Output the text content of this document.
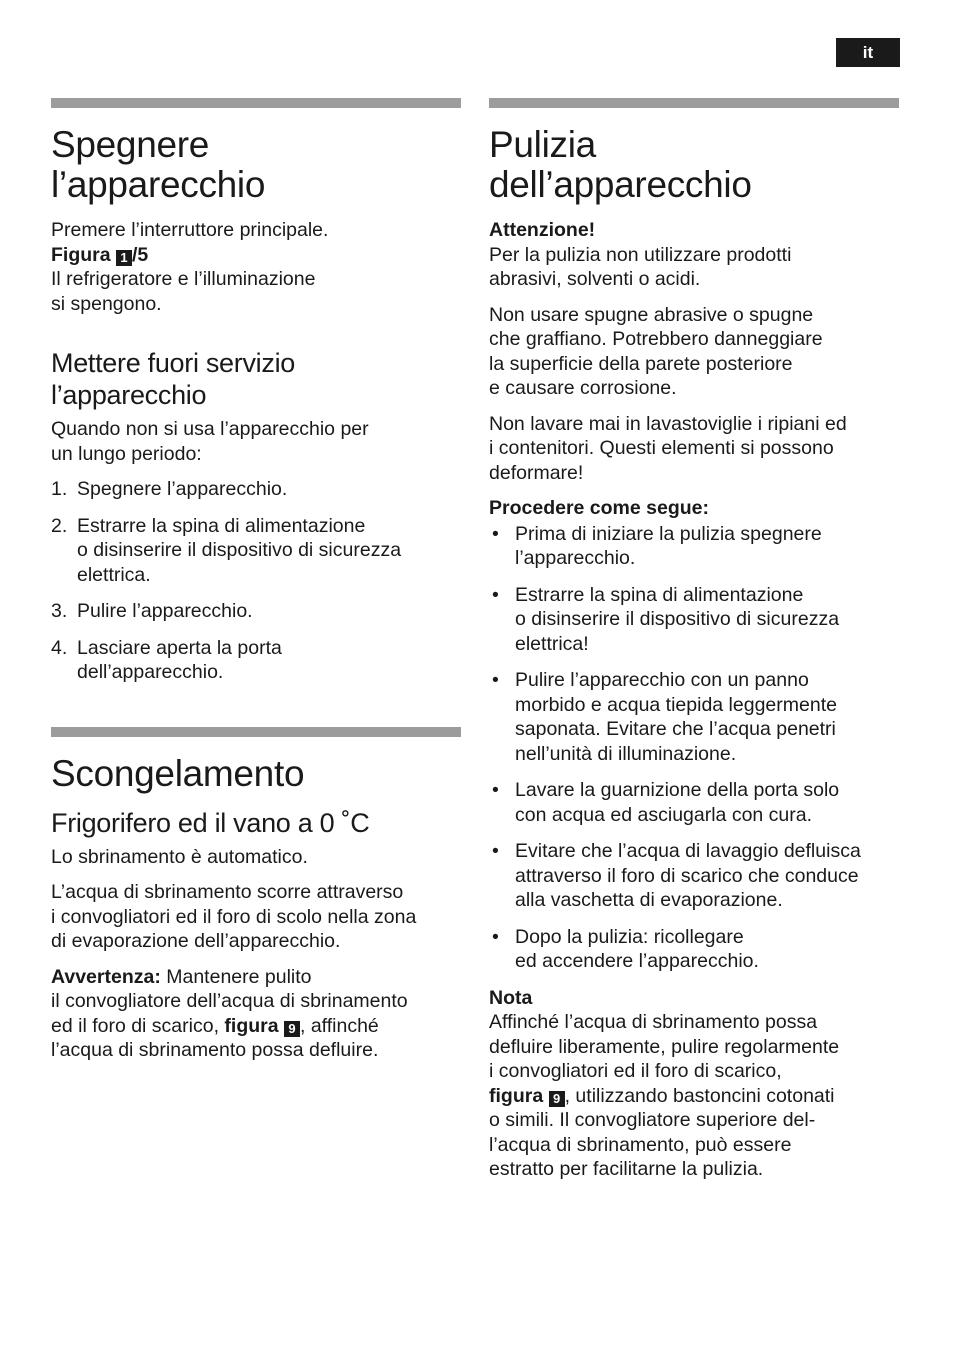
it
Spegnere
l’apparecchio

Premere l’interruttore principale.
Figura 1 /5
Il refrigeratore e l’illuminazione
si spengono.

Mettere fuori servizio
l’apparecchio

Quando non si usa l’apparecchio per
un lungo periodo:

1. Spegnere l’apparecchio.
2. Estrarre la spina di alimentazione
o disinserire il dispositivo di sicurezza
elettrica.
3. Pulire l’apparecchio.
4. Lasciare aperta la porta
dell’apparecchio.
Scongelamento
Frigorifero ed il vano a 0 ˚C

Lo sbrinamento è automatico.

L’acqua di sbrinamento scorre attraverso
i convogliatori ed il foro di scolo nella zona
di evaporazione dell’apparecchio.

Avvertenza: Mantenere pulito
il convogliatore dell’acqua di sbrinamento
ed il foro di scarico, figura 9 , affinché
l’acqua di sbrinamento possa defluire.

Pulizia
dell’apparecchio

Attenzione!

Per la pulizia non utilizzare prodotti
abrasivi, solventi o acidi.

Non usare spugne abrasive o spugne
che graffiano. Potrebbero danneggiare
la superficie della parete posteriore
e causare corrosione.

Non lavare mai in lavastoviglie i ripiani ed
i contenitori. Questi elementi si possono
deformare!

Procedere come segue:

• Prima di iniziare la pulizia spegnere
l’apparecchio.
• Estrarre la spina di alimentazione
o disinserire il dispositivo di sicurezza
elettrica!
• Pulire l’apparecchio con un panno
morbido e acqua tiepida leggermente
saponata. Evitare che l’acqua penetri
nell’unità di illuminazione.
• Lavare la guarnizione della porta solo
con acqua ed asciugarla con cura.
• Evitare che l’acqua di lavaggio defluisca
attraverso il foro di scarico che conduce
alla vaschetta di evaporazione.
• Dopo la pulizia: ricollegare
ed accendere l’apparecchio.

Nota

Affinché l’acqua di sbrinamento possa
defluire liberamente, pulire regolarmente
i convogliatori ed il foro di scarico,
figura 9 , utilizzando bastoncini cotonati
o simili. Il convogliatore superiore del-
l’acqua di sbrinamento, può essere
estratto per facilitarne la pulizia.
